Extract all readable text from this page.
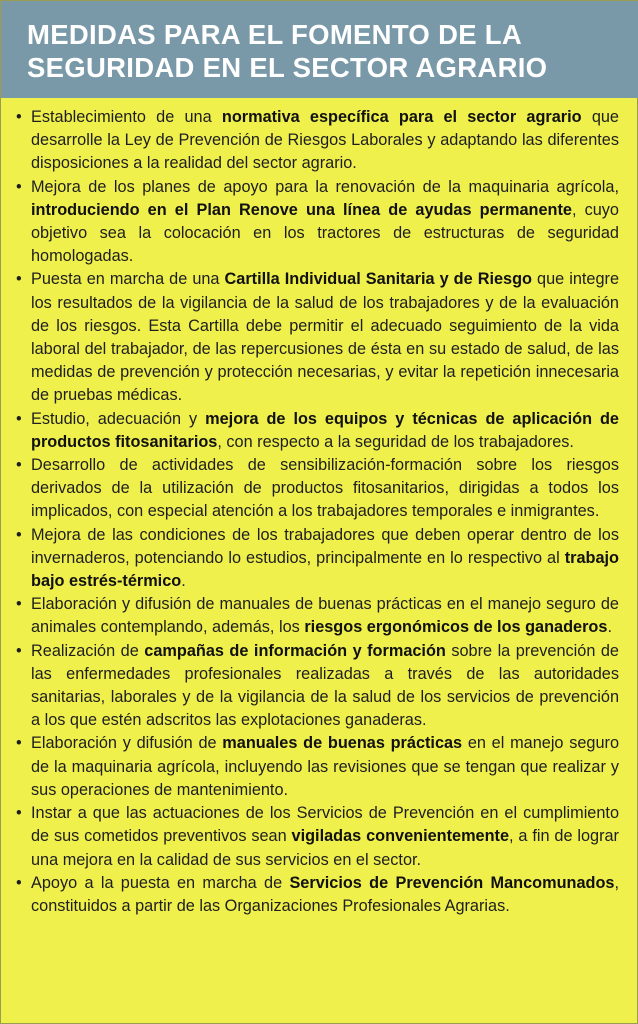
MEDIDAS PARA EL FOMENTO DE LA
SEGURIDAD EN EL SECTOR AGRARIO
• Establecimiento de una normativa específica para el sector agrario que desarrolle la Ley de Prevención de Riesgos Laborales y adaptando las diferentes disposiciones a la realidad del sector agrario.
• Mejora de los planes de apoyo para la renovación de la maquinaria agrícola, introduciendo en el Plan Renove una línea de ayudas permanente, cuyo objetivo sea la colocación en los tractores de estructuras de seguridad homologadas.
• Puesta en marcha de una Cartilla Individual Sanitaria y de Riesgo que integre los resultados de la vigilancia de la salud de los trabajadores y de la evaluación de los riesgos. Esta Cartilla debe permitir el adecuado seguimiento de la vida laboral del trabajador, de las repercusiones de ésta en su estado de salud, de las medidas de prevención y protección necesarias, y evitar la repetición innecesaria de pruebas médicas.
• Estudio, adecuación y mejora de los equipos y técnicas de aplicación de productos fitosanitarios, con respecto a la seguridad de los trabajadores.
• Desarrollo de actividades de sensibilización-formación sobre los riesgos derivados de la utilización de productos fitosanitarios, dirigidas a todos los implicados, con especial atención a los trabajadores temporales e inmigrantes.
• Mejora de las condiciones de los trabajadores que deben operar dentro de los invernaderos, potenciando lo estudios, principalmente en lo respectivo al trabajo bajo estrés-térmico.
• Elaboración y difusión de manuales de buenas prácticas en el manejo seguro de animales contemplando, además, los riesgos ergonómicos de los ganaderos.
• Realización de campañas de información y formación sobre la prevención de las enfermedades profesionales realizadas a través de las autoridades sanitarias, laborales y de la vigilancia de la salud de los servicios de prevención a los que estén adscritos las explotaciones ganaderas.
• Elaboración y difusión de manuales de buenas prácticas en el manejo seguro de la maquinaria agrícola, incluyendo las revisiones que se tengan que realizar y sus operaciones de mantenimiento.
• Instar a que las actuaciones de los Servicios de Prevención en el cumplimiento de sus cometidos preventivos sean vigiladas convenientemente, a fin de lograr una mejora en la calidad de sus servicios en el sector.
• Apoyo a la puesta en marcha de Servicios de Prevención Mancomunados, constituidos a partir de las Organizaciones Profesionales Agrarias.
